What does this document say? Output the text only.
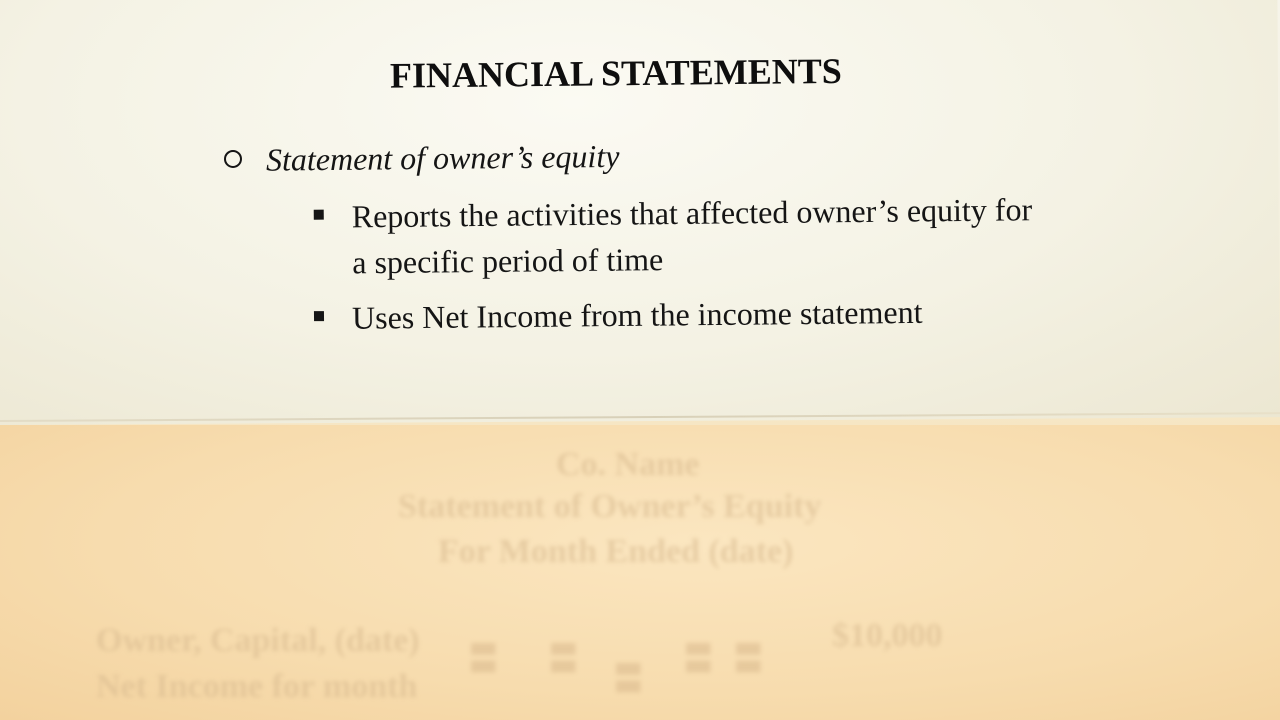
FINANCIAL STATEMENTS
Statement of owner’s equity
Reports the activities that affected owner’s equity for
a specific period of time
Uses Net Income from the income statement
Co. Name
Statement of Owner’s Equity
For Month Ended (date)
Owner, Capital, (date)	$10,000
Net Income for month
▮▮ ▮▮
▮▮
▮▮ ▮▮
